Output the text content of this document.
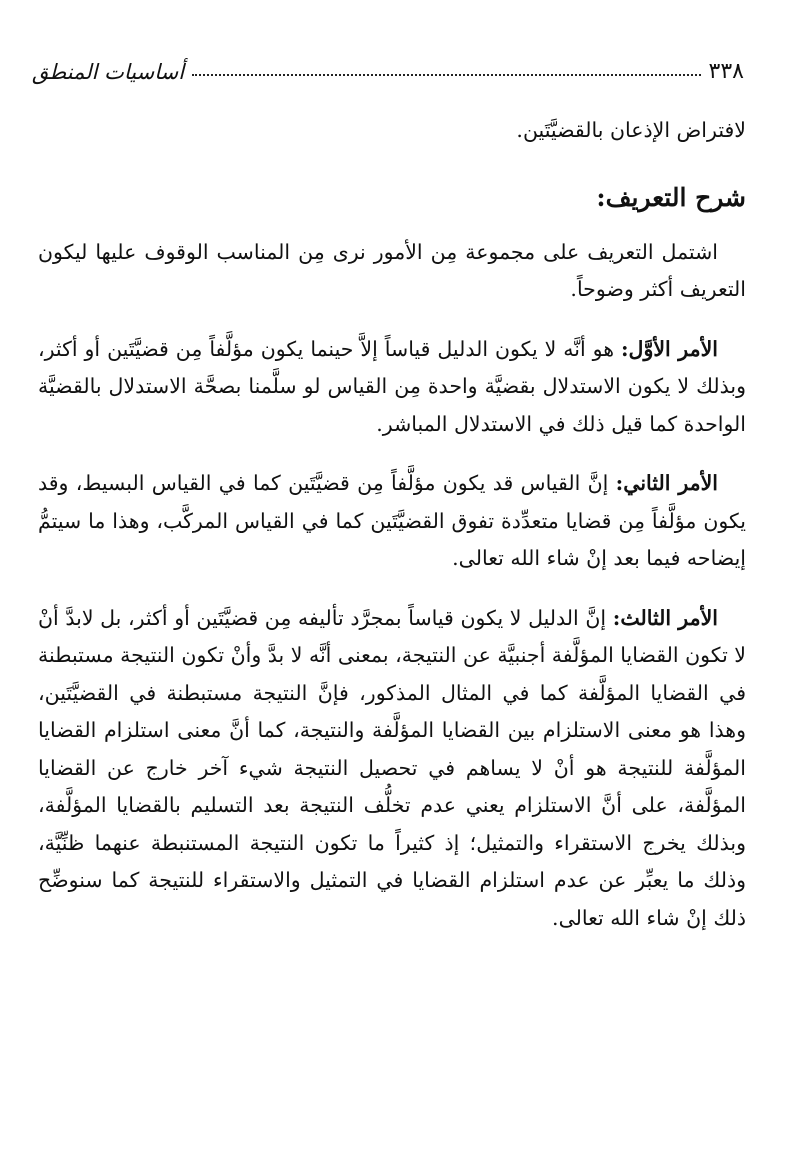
أساسيات المنطق	٣٣٨

لافتراض الإذعان بالقضيَّتَين.

شرح التعريف:

اشتمل التعريف على مجموعة مِن الأمور نرى مِن المناسب الوقوف عليها ليكون التعريف أكثر وضوحاً.

الأمر الأوَّل: هو أنَّه لا يكون الدليل قياساً إلاَّ حينما يكون مؤلَّفاً مِن قضيَّتَين أو أكثر، وبذلك لا يكون الاستدلال بقضيَّة واحدة مِن القياس لو سلَّمنا بصحَّة الاستدلال بالقضيَّة الواحدة كما قيل ذلك في الاستدلال المباشر.

الأمر الثاني: إنَّ القياس قد يكون مؤلَّفاً مِن قضيَّتَين كما في القياس البسيط، وقد يكون مؤلَّفاً مِن قضايا متعدِّدة تفوق القضيَّتَين كما في القياس المركَّب، وهذا ما سيتمُّ إيضاحه فيما بعد إنْ شاء الله تعالى.

الأمر الثالث: إنَّ الدليل لا يكون قياساً بمجرَّد تأليفه مِن قضيَّتَين أو أكثر، بل لابدَّ أنْ لا تكون القضايا المؤلَّفة أجنبيَّة عن النتيجة، بمعنى أنَّه لا بدَّ وأنْ تكون النتيجة مستبطنة في القضايا المؤلَّفة كما في المثال المذكور، فإنَّ النتيجة مستبطنة في القضيَّتَين، وهذا هو معنى الاستلزام بين القضايا المؤلَّفة والنتيجة، كما أنَّ معنى استلزام القضايا المؤلَّفة للنتيجة هو أنْ لا يساهم في تحصيل النتيجة شيء آخر خارج عن القضايا المؤلَّفة، على أنَّ الاستلزام يعني عدم تخلُّف النتيجة بعد التسليم بالقضايا المؤلَّفة، وبذلك يخرج الاستقراء والتمثيل؛ إذ كثيراً ما تكون النتيجة المستنبطة عنهما ظنِّيَّة، وذلك ما يعبِّر عن عدم استلزام القضايا في التمثيل والاستقراء للنتيجة كما سنوضِّح ذلك إنْ شاء الله تعالى.
